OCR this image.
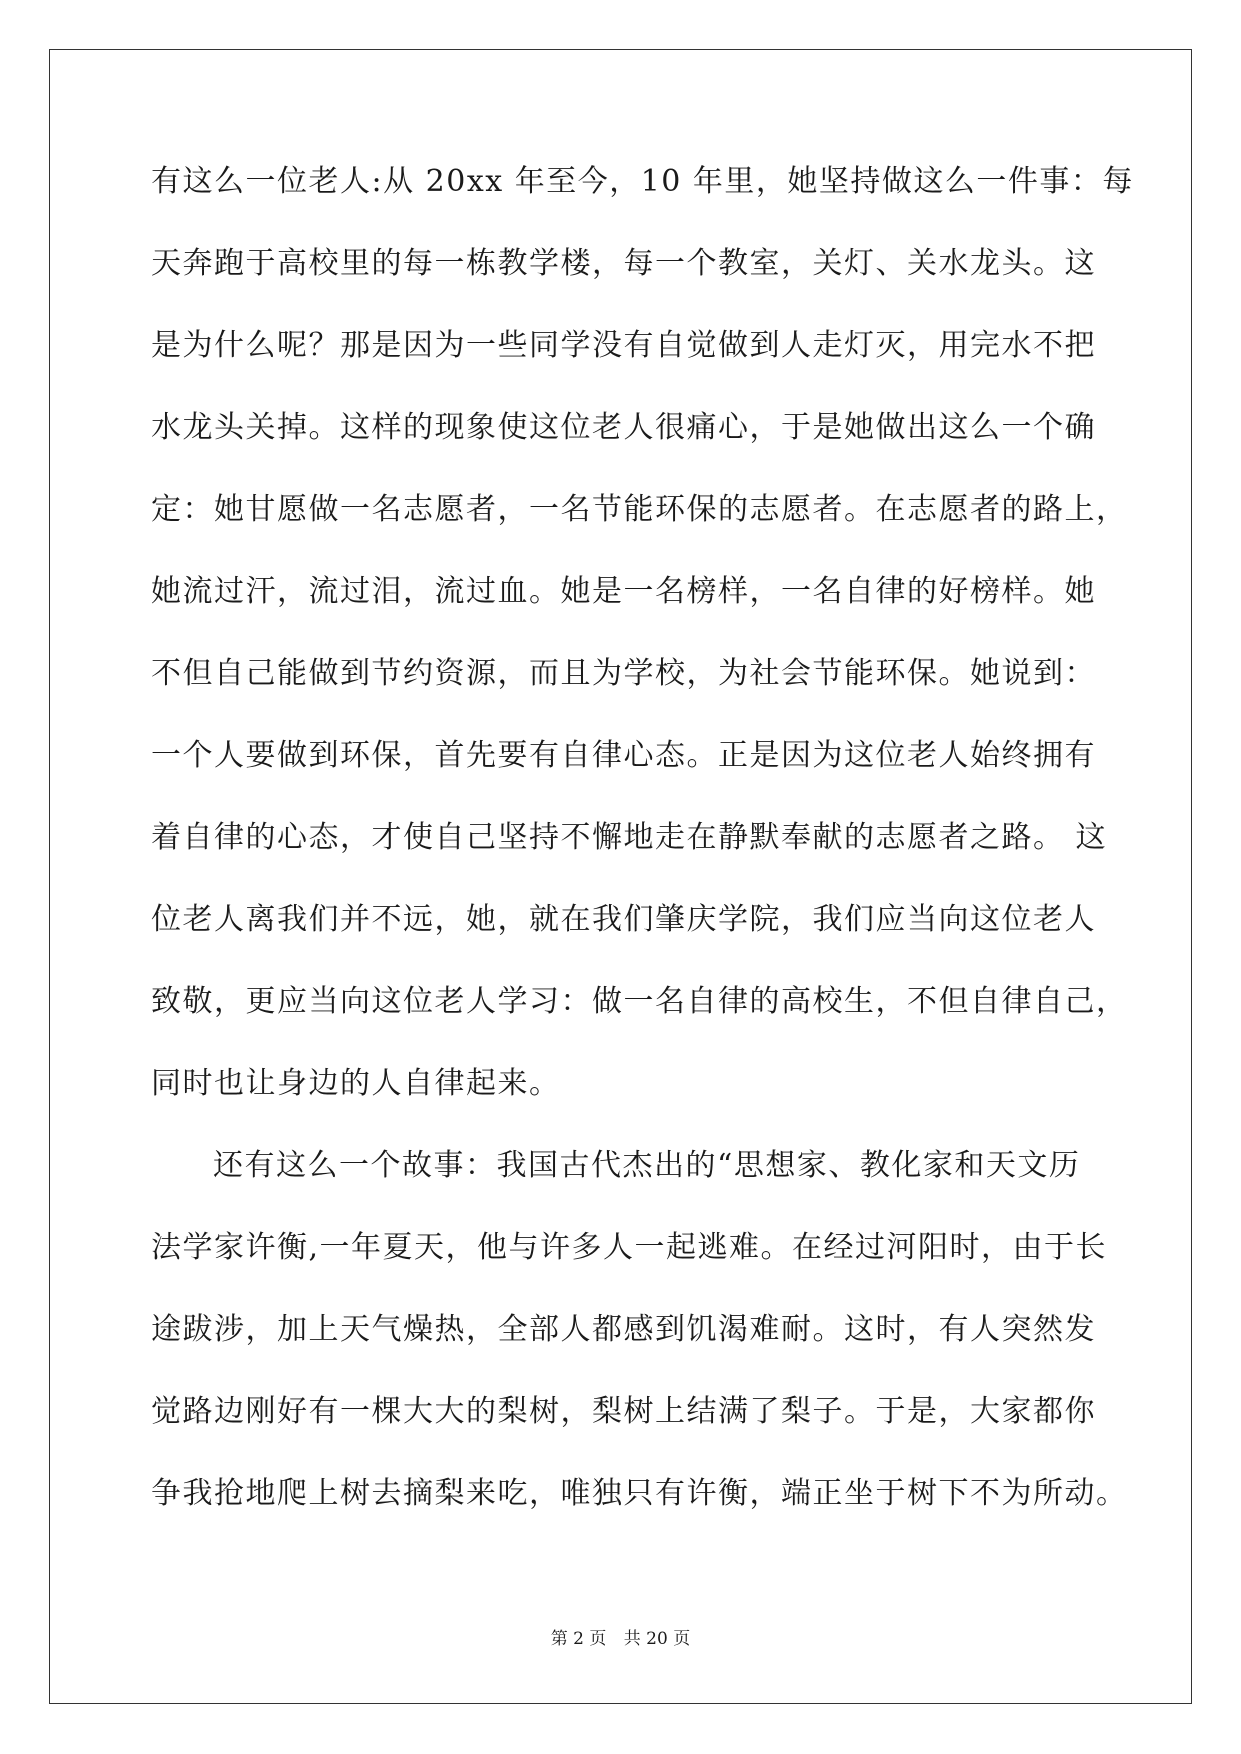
有这么一位老人:从 20xx 年至今，10 年里，她坚持做这么一件事：每
天奔跑于高校里的每一栋教学楼，每一个教室，关灯、关水龙头。这
是为什么呢？那是因为一些同学没有自觉做到人走灯灭，用完水不把
水龙头关掉。这样的现象使这位老人很痛心，于是她做出这么一个确
定：她甘愿做一名志愿者，一名节能环保的志愿者。在志愿者的路上，
她流过汗，流过泪，流过血。她是一名榜样，一名自律的好榜样。她
不但自己能做到节约资源，而且为学校，为社会节能环保。她说到：
一个人要做到环保，首先要有自律心态。正是因为这位老人始终拥有
着自律的心态，才使自己坚持不懈地走在静默奉献的志愿者之路。 这
位老人离我们并不远，她，就在我们肇庆学院，我们应当向这位老人
致敬，更应当向这位老人学习：做一名自律的高校生，不但自律自己，
同时也让身边的人自律起来。
还有这么一个故事：我国古代杰出的“思想家、教化家和天文历
法学家许衡,一年夏天，他与许多人一起逃难。在经过河阳时，由于长
途跋涉，加上天气燥热，全部人都感到饥渴难耐。这时，有人突然发
觉路边刚好有一棵大大的梨树，梨树上结满了梨子。于是，大家都你
争我抢地爬上树去摘梨来吃，唯独只有许衡，端正坐于树下不为所动。
第 2 页 共 20 页
